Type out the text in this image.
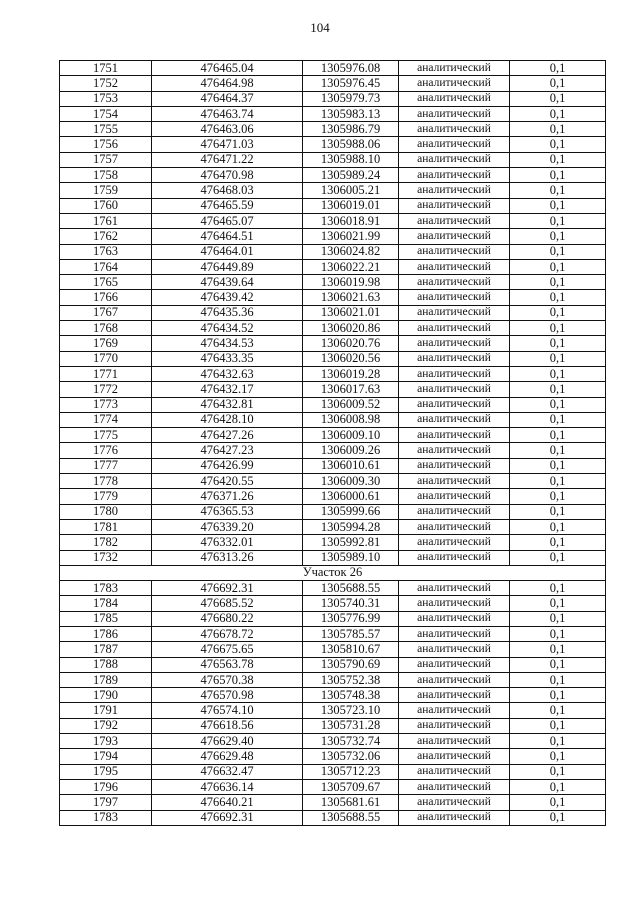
104
1751	476465.04	1305976.08	аналитический	0,1
1752	476464.98	1305976.45	аналитический	0,1
1753	476464.37	1305979.73	аналитический	0,1
1754	476463.74	1305983.13	аналитический	0,1
1755	476463.06	1305986.79	аналитический	0,1
1756	476471.03	1305988.06	аналитический	0,1
1757	476471.22	1305988.10	аналитический	0,1
1758	476470.98	1305989.24	аналитический	0,1
1759	476468.03	1306005.21	аналитический	0,1
1760	476465.59	1306019.01	аналитический	0,1
1761	476465.07	1306018.91	аналитический	0,1
1762	476464.51	1306021.99	аналитический	0,1
1763	476464.01	1306024.82	аналитический	0,1
1764	476449.89	1306022.21	аналитический	0,1
1765	476439.64	1306019.98	аналитический	0,1
1766	476439.42	1306021.63	аналитический	0,1
1767	476435.36	1306021.01	аналитический	0,1
1768	476434.52	1306020.86	аналитический	0,1
1769	476434.53	1306020.76	аналитический	0,1
1770	476433.35	1306020.56	аналитический	0,1
1771	476432.63	1306019.28	аналитический	0,1
1772	476432.17	1306017.63	аналитический	0,1
1773	476432.81	1306009.52	аналитический	0,1
1774	476428.10	1306008.98	аналитический	0,1
1775	476427.26	1306009.10	аналитический	0,1
1776	476427.23	1306009.26	аналитический	0,1
1777	476426.99	1306010.61	аналитический	0,1
1778	476420.55	1306009.30	аналитический	0,1
1779	476371.26	1306000.61	аналитический	0,1
1780	476365.53	1305999.66	аналитический	0,1
1781	476339.20	1305994.28	аналитический	0,1
1782	476332.01	1305992.81	аналитический	0,1
1732	476313.26	1305989.10	аналитический	0,1
Участок 26				
1783	476692.31	1305688.55	аналитический	0,1
1784	476685.52	1305740.31	аналитический	0,1
1785	476680.22	1305776.99	аналитический	0,1
1786	476678.72	1305785.57	аналитический	0,1
1787	476675.65	1305810.67	аналитический	0,1
1788	476563.78	1305790.69	аналитический	0,1
1789	476570.38	1305752.38	аналитический	0,1
1790	476570.98	1305748.38	аналитический	0,1
1791	476574.10	1305723.10	аналитический	0,1
1792	476618.56	1305731.28	аналитический	0,1
1793	476629.40	1305732.74	аналитический	0,1
1794	476629.48	1305732.06	аналитический	0,1
1795	476632.47	1305712.23	аналитический	0,1
1796	476636.14	1305709.67	аналитический	0,1
1797	476640.21	1305681.61	аналитический	0,1
1783	476692.31	1305688.55	аналитический	0,1
